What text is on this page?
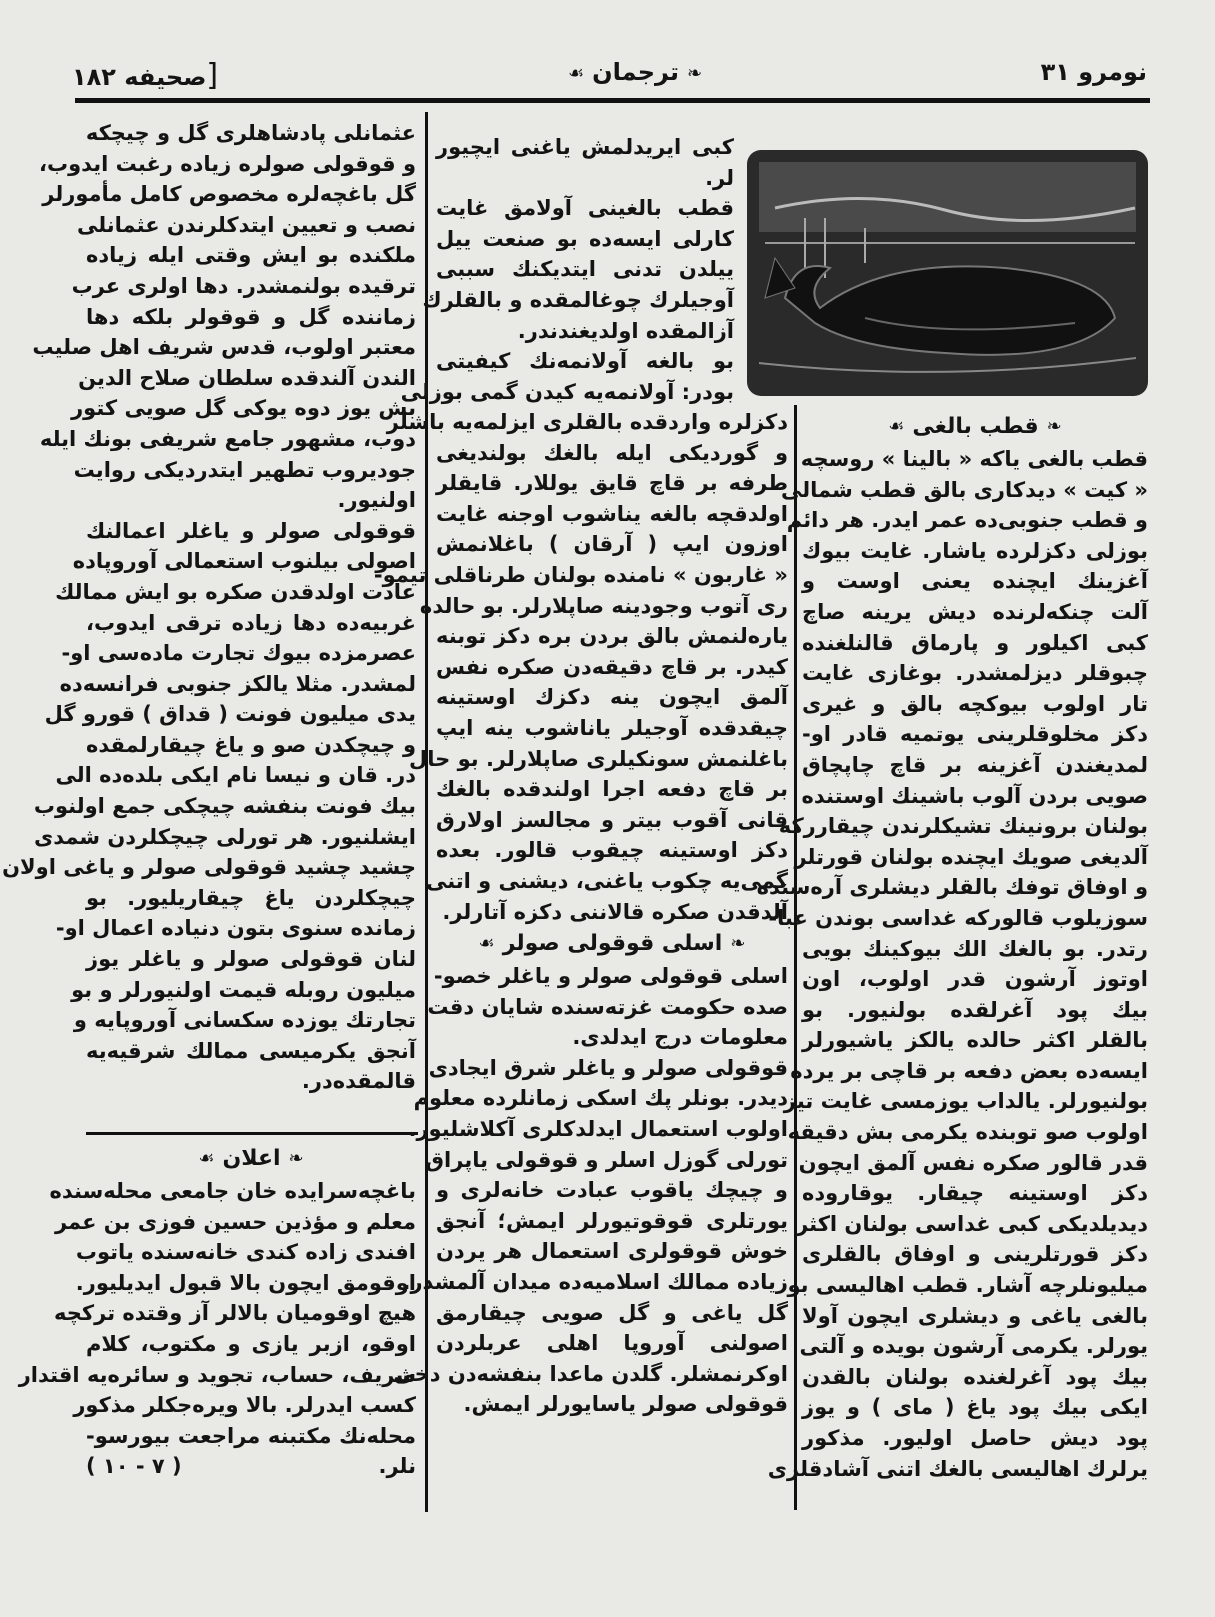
[صحیفه ۱۸۲	❧ترجمان☙	نومرو ۳۱
عثمانلی پادشاهلری گل و چیچکه
و قوقولی صولره زیاده رغبت ایدوب،
گل باغچه‌لره مخصوص کامل مأمورلر
نصب و تعیین ایتدکلرندن عثمانلی
ملکنده بو ایش وقتی ایله زیاده
ترقیده بولنمشدر. دها اولری عرب
زماننده گل و قوقولر بلکه دها
معتبر اولوب، قدس شریف اهل صلیب
الندن آلندقده سلطان صلاح الدین
بش یوز دوه یوکی گل صویی کتور
دوب، مشهور جامع شریفی بونك ایله
جودیروب تطهیر ایتدردیکی روایت
اولنیور.
قوقولی صولر و یاغلر اعمالنك
اصولی بیلنوب استعمالی آوروپاده
عادت اولدقدن صکره بو ایش ممالك
غربیه‌ده دها زیاده ترقی ایدوب،
عصرمزده بیوك تجارت ماده‌سی او-
لمشدر. مثلا یالکز جنوبی فرانسه‌ده
یدی میلیون فونت ( قداق ) قورو گل
و چیچکدن صو و یاغ چیقارلمقده
در. قان و نیسا نام ایکی بلده‌ده الی
بیك فونت بنفشه چیچکی جمع اولنوب
ایشلنیور. هر تورلی چیچکلردن شمدی
چشید چشید قوقولی صولر و یاغی اولان
چیچکلردن یاغ چیقاریلیور. بو
زمانده سنوی بتون دنیاده اعمال او-
لنان قوقولی صولر و یاغلر یوز
میلیون روبله قیمت اولنیورلر و بو
تجارتك یوزده سکسانی آوروپایه و
آنجق یکرمیسی ممالك شرقیه‌یه
قالمقده‌در.
❧اعلان☙
باغچه‌سرایده خان جامعی محله‌سنده
معلم و مؤذین حسین فوزی بن عمر
افندی زاده کندی خانه‌سنده یاتوب
اوقومق ایچون بالا قبول ایدیلیور.
هیچ اوقومیان بالالر آز وقتده ترکچه
اوقو، ازبر یازی و مکتوب، کلام
شریف، حساب، تجوید و سائره‌یه اقتدار
کسب ایدرلر. بالا ویره‌جکلر مذکور
محله‌نك مکتبنه مراجعت بیورسو-
نلر.
( ۷ - ۱۰ )
کبی ایریدلمش یاغنی ایچیور
لر.
قطب بالغینی آولامق غایت
کارلی ایسه‌ده بو صنعت ییل
ییلدن تدنی ایتدیکنك سببی
آوجیلرك چوغالمقده و بالقلرك
آزالمقده اولدیغندندر.
بو بالغه آولانمه‌نك کیفیتی
بودر: آولانمه‌یه کیدن گمی بوزلی
دکزلره واردقده بالقلری ایزلمه‌یه باشلر
و گوردیکی ایله بالغك بولندیغی
طرفه بر قاچ قایق یوللار. قایقلر
اولدقچه بالغه یناشوب اوجنه غایت
اوزون ایپ ( آرقان ) باغلانمش
« غاربون » نامنده بولنان طرناقلی تیمو-
ری آتوب وجودینه صاپلارلر. بو حالده
یاره‌لنمش بالق بردن بره دکز توبنه
کیدر. بر قاچ دقیقه‌دن صکره نفس
آلمق ایچون ینه دکزك اوستینه
چیقدقده آوجیلر یاناشوب ینه ایپ
باغلنمش سونکیلری صاپلارلر. بو حال
بر قاچ دفعه اجرا اولندقده بالغك
قانی آقوب بیتر و مجالسز اولارق
دکز اوستینه چیقوب قالور. بعده
گمی‌یه چکوب یاغنی، دیشنی و اتنی
آلدقدن صکره قالاننی دکزه آتارلر.
❧اسلی قوقولی صولر☙
اسلی قوقولی صولر و یاغلر خصو-
صده حکومت غزته‌سنده شایان دقت
معلومات درج ایدلدی.
قوقولی صولر و یاغلر شرق ایجادی
دیدر. بونلر پك اسکی زمانلرده معلوم
اولوب استعمال ایدلدکلری آکلاشلیور.
تورلی گوزل اسلر و قوقولی یاپراق
و چیچك یاقوب عبادت خانه‌لری و
یورتلری قوقوتیورلر ایمش؛ آنجق
خوش قوقولری استعمال هر یردن
زیاده ممالك اسلامیه‌ده میدان آلمشدر.
گل یاغی و گل صویی چیقارمق
اصولنی آوروپا اهلی عربلردن
اوکرنمشلر. گلدن ماعدا بنفشه‌دن دخی
قوقولی صولر یاسایورلر ایمش.
❧قطب بالغی☙
قطب بالغی یاکه « بالینا » روسچه
« کیت » دیدکاری بالق قطب شمالی
و قطب جنوبی‌ده عمر ایدر. هر دائم
بوزلی دکزلرده یاشار. غایت بیوك
آغزینك ایچنده یعنی اوست و
آلت چنکه‌لرنده دیش یرینه صاچ
کبی اکیلور و پارماق قالنلغنده
چبوقلر دیزلمشدر. بوغازی غایت
تار اولوب بیوکچه بالق و غیری
دکز مخلوقلرینی یوتمیه قادر او-
لمدیغندن آغزینه بر قاچ چاپچاق
صویی بردن آلوب باشینك اوستنده
بولنان برونینك تشیکلرندن چیقاررکه
آلدیغی صویك ایچنده بولنان قورتلر
و اوفاق توفك بالقلر دیشلری آره‌سنده
سوزیلوب قالورکه غداسی بوندن عبا-
رتدر. بو بالغك الك بیوکینك بویی
اوتوز آرشون قدر اولوب، اون
بیك پود آغرلقده بولنیور. بو
بالقلر اکثر حالده یالکز یاشیورلر
ایسه‌ده بعض دفعه بر قاچی بر یرده
بولنیورلر. یالداب یوزمسی غایت تیز
اولوب صو توبنده یکرمی بش دقیقه
قدر قالور صکره نفس آلمق ایچون
دکز اوستینه چیقار. یوقاروده
دیدیلدیکی کبی غداسی بولنان اکثر
دکز قورتلرینی و اوفاق بالقلری
میلیونلرچه آشار. قطب اهالیسی بو
بالغی یاغی و دیشلری ایچون آولا
یورلر. یکرمی آرشون بویده و آلتی
بیك پود آغرلغنده بولنان بالقدن
ایکی بیك پود یاغ ( مای ) و یوز
پود دیش حاصل اولیور. مذکور
یرلرك اهالیسی بالغك اتنی آشادقلری
